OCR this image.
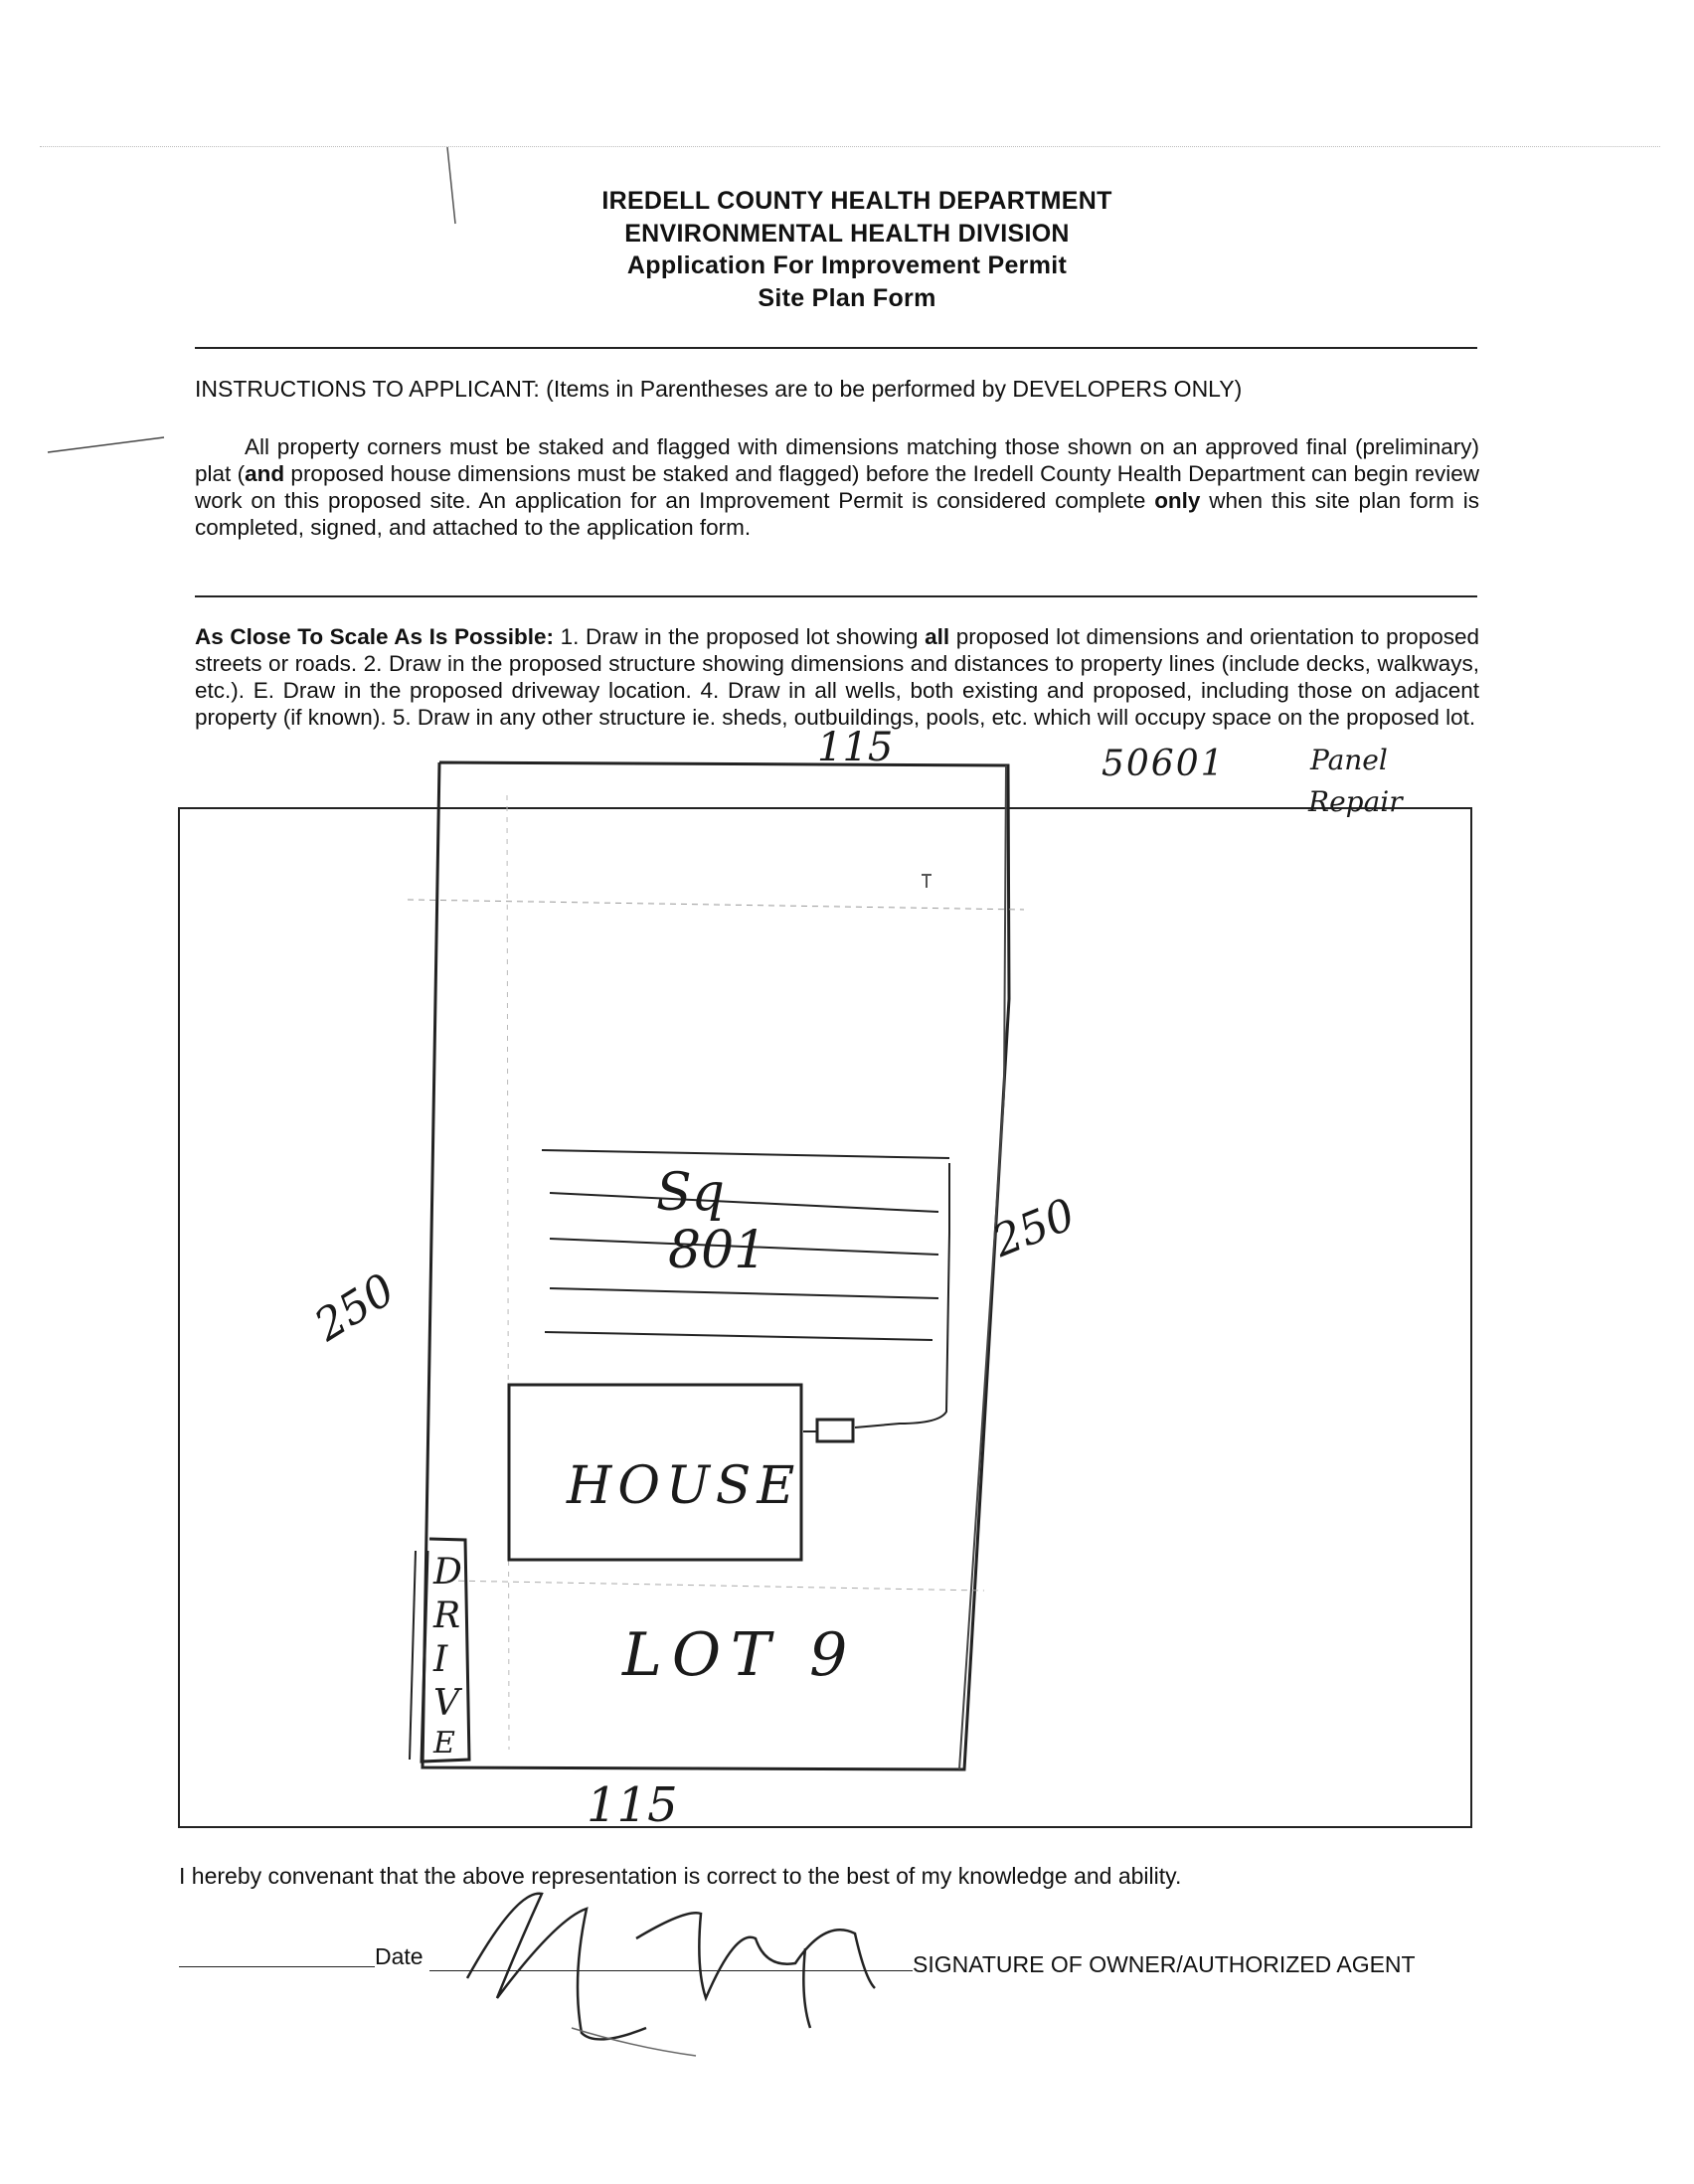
IREDELL COUNTY HEALTH DEPARTMENT
ENVIRONMENTAL HEALTH DIVISION
Application For Improvement Permit
Site Plan Form
INSTRUCTIONS TO APPLICANT: (Items in Parentheses are to be performed by DEVELOPERS ONLY)
All property corners must be staked and flagged with dimensions matching those shown on an approved final (preliminary) plat (and proposed house dimensions must be staked and flagged) before the Iredell County Health Department can begin review work on this proposed site. An application for an Improvement Permit is considered complete only when this site plan form is completed, signed, and attached to the application form.
As Close To Scale As Is Possible: 1. Draw in the proposed lot showing all proposed lot dimensions and orientation to proposed streets or roads. 2. Draw in the proposed structure showing dimensions and distances to property lines (include decks, walkways, etc.). E. Draw in the proposed driveway location. 4. Draw in all wells, both existing and proposed, including those on adjacent property (if known). 5. Draw in any other structure ie. sheds, outbuildings, pools, etc. which will occupy space on the proposed lot.
115
115
250
250
Sq
801
HOUSE
LOT 9
D
R
I
V
E
50601	Panel
Repair
I hereby convenant that the above representation is correct to the best of my knowledge and ability.
Date	SIGNATURE OF OWNER/AUTHORIZED AGENT
